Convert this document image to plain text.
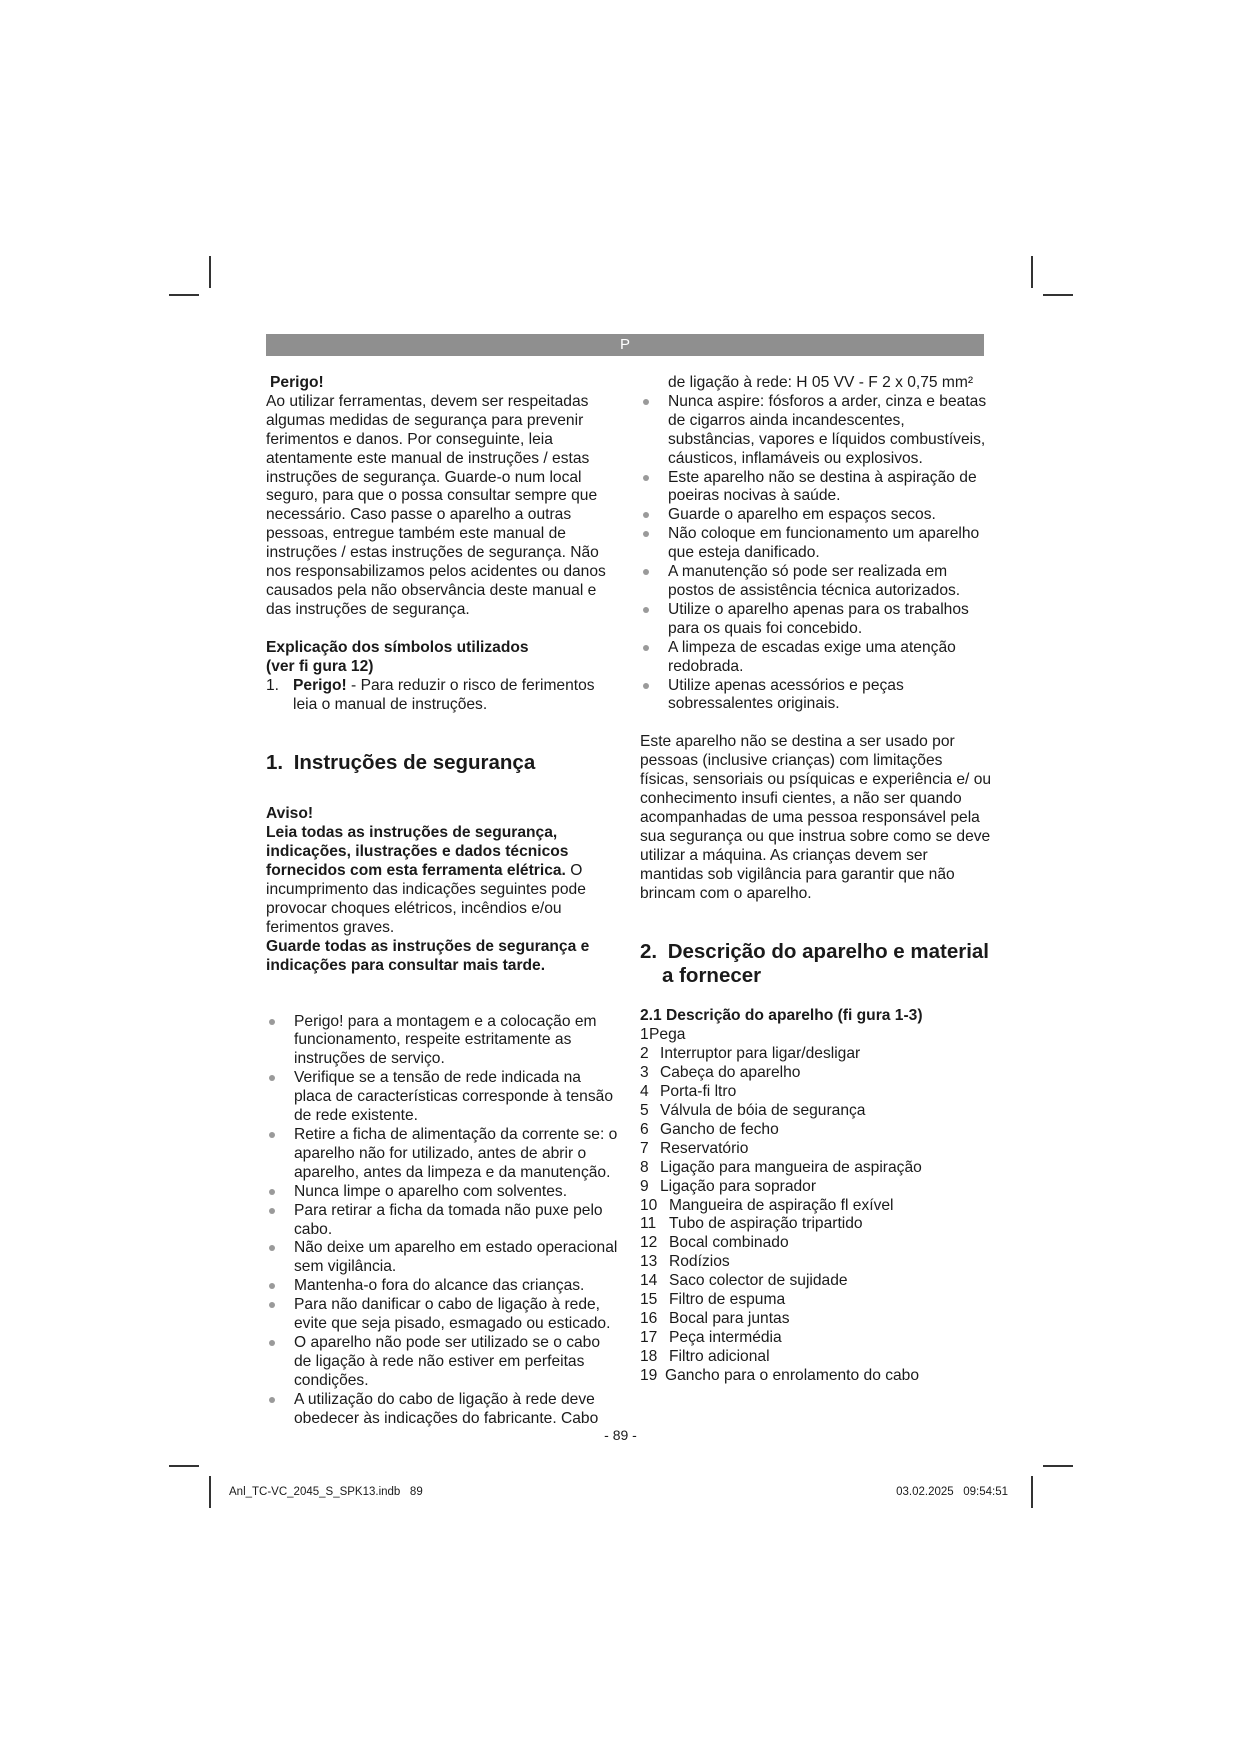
P

Perigo!

Ao utilizar ferramentas, devem ser respeitadas algumas medidas de segurança para prevenir ferimentos e danos. Por conseguinte, leia atentamente este manual de instruções / estas instruções de segurança. Guarde-o num local seguro, para que o possa consultar sempre que necessário. Caso passe o aparelho a outras pessoas, entregue também este manual de instruções / estas instruções de segurança. Não nos responsabilizamos pelos acidentes ou danos causados pela não observância deste manual e das instruções de segurança.

Explicação dos símbolos utilizados

(ver fi gura 12)

1. Perigo! - Para reduzir o risco de ferimentos leia o manual de instruções.
1. Instruções de segurança

Aviso!

Leia todas as instruções de segurança, indicações, ilustrações e dados técnicos fornecidos com esta ferramenta elétrica. O incumprimento das indicações seguintes pode provocar choques elétricos, incêndios e/ou ferimentos graves.

Guarde todas as instruções de segurança e indicações para consultar mais tarde.

Perigo! para a montagem e a colocação em funcionamento, respeite estritamente as instruções de serviço.
Verifique se a tensão de rede indicada na placa de características corresponde à tensão de rede existente.
Retire a ficha de alimentação da corrente se: o aparelho não for utilizado, antes de abrir o aparelho, antes da limpeza e da manutenção.
Nunca limpe o aparelho com solventes.
Para retirar a ficha da tomada não puxe pelo cabo.
Não deixe um aparelho em estado operacional sem vigilância.
Mantenha-o fora do alcance das crianças.
Para não danificar o cabo de ligação à rede, evite que seja pisado, esmagado ou esticado.
O aparelho não pode ser utilizado se o cabo de ligação à rede não estiver em perfeitas condições.
A utilização do cabo de ligação à rede deve obedecer às indicações do fabricante. Cabo

de ligação à rede: H 05 VV - F 2 x 0,75 mm²

Nunca aspire: fósforos a arder, cinza e beatas de cigarros ainda incandescentes, substâncias, vapores e líquidos combustíveis, cáusticos, inflamáveis ou explosivos.
Este aparelho não se destina à aspiração de poeiras nocivas à saúde.
Guarde o aparelho em espaços secos.
Não coloque em funcionamento um aparelho que esteja danificado.
A manutenção só pode ser realizada em postos de assistência técnica autorizados.
Utilize o aparelho apenas para os trabalhos para os quais foi concebido.
A limpeza de escadas exige uma atenção redobrada.
Utilize apenas acessórios e peças sobressalentes originais.

Este aparelho não se destina a ser usado por pessoas (inclusive crianças) com limitações físicas, sensoriais ou psíquicas e experiência e/ ou conhecimento insufi cientes, a não ser quando acompanhadas de uma pessoa responsável pela sua segurança ou que instrua sobre como se deve utilizar a máquina. As crianças devem ser mantidas sob vigilância para garantir que não brincam com o aparelho.

2. Descrição do aparelho e material
a fornecer

2.1 Descrição do aparelho (fi gura 1-3)

1Pega
2 Interruptor para ligar/desligar
3 Cabeça do aparelho
4 Porta-fi ltro
5 Válvula de bóia de segurança
6 Gancho de fecho
7 Reservatório
8 Ligação para mangueira de aspiração
9 Ligação para soprador
10 Mangueira de aspiração fl exível
11 Tubo de aspiração tripartido
12 Bocal combinado
13 Rodízios
14 Saco colector de sujidade
15 Filtro de espuma
16 Bocal para juntas
17 Peça intermédia
18 Filtro adicional
19 Gancho para o enrolamento do cabo
- 89 -
Anl_TC-VC_2045_S_SPK13.indb   89	03.02.2025   09:54:51
